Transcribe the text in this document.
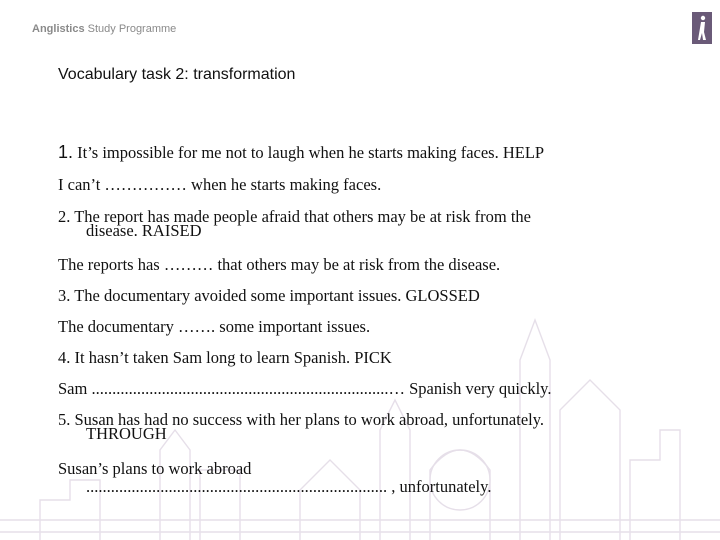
Anglistics Study Programme
Vocabulary task 2: transformation

1. It’s impossible for me not to laugh when he starts making faces. HELP

I can’t …………… when he starts making faces.

2. The report has made people afraid that others may be at risk from the
disease. RAISED

The reports has ……… that others may be at risk from the disease.

3. The documentary avoided some important issues. GLOSSED

The documentary ……. some important issues.

4. It hasn’t taken Sam long to learn Spanish. PICK

Sam ........................................................................… Spanish very quickly.

5. Susan has had no success with her plans to work abroad, unfortunately.
THROUGH

Susan’s plans to work abroad
......................................................................... , unfortunately.
